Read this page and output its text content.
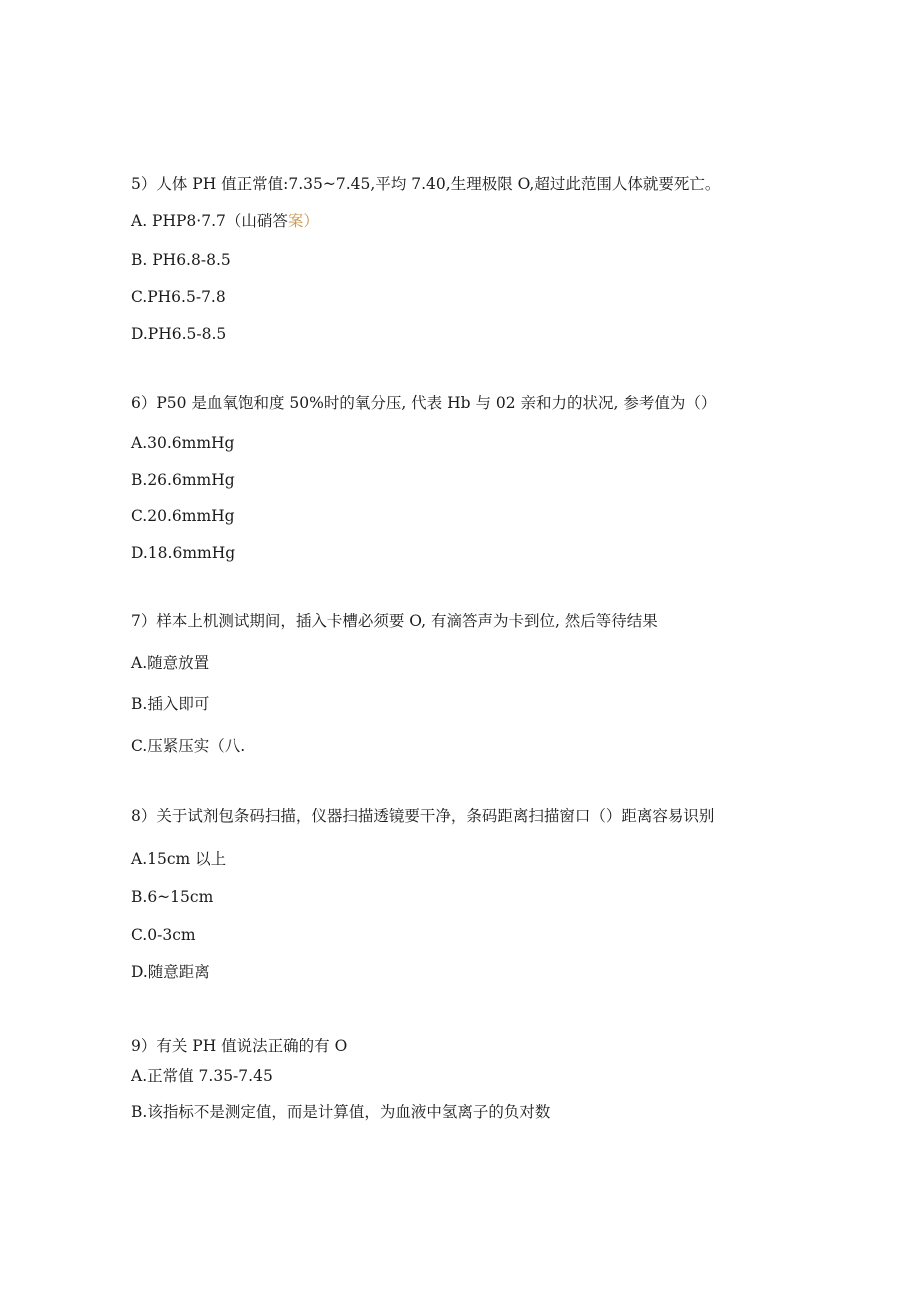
5）人体 PH 值正常值:7.35~7.45,平均 7.40,生理极限 O,超过此范围人体就要死亡。
A. PHP8·7.7（山硝答案）
B. PH6.8-8.5
C.PH6.5-7.8
D.PH6.5-8.5
6）P50 是血氧饱和度 50%时的氧分压, 代表 Hb 与 02 亲和力的状况, 参考值为（）
A.30.6mmHg
B.26.6mmHg
C.20.6mmHg
D.18.6mmHg
7）样本上机测试期间，插入卡槽必须要 O, 有滴答声为卡到位, 然后等待结果
A.随意放置
B.插入即可
C.压紧压实（八.
8）关于试剂包条码扫描，仪器扫描透镜要干净，条码距离扫描窗口（）距离容易识别
A.15cm 以上
B.6~15cm
C.0-3cm
D.随意距离
9）有关 PH 值说法正确的有 O
A.正常值 7.35-7.45
B.该指标不是测定值，而是计算值，为血液中氢离子的负对数
